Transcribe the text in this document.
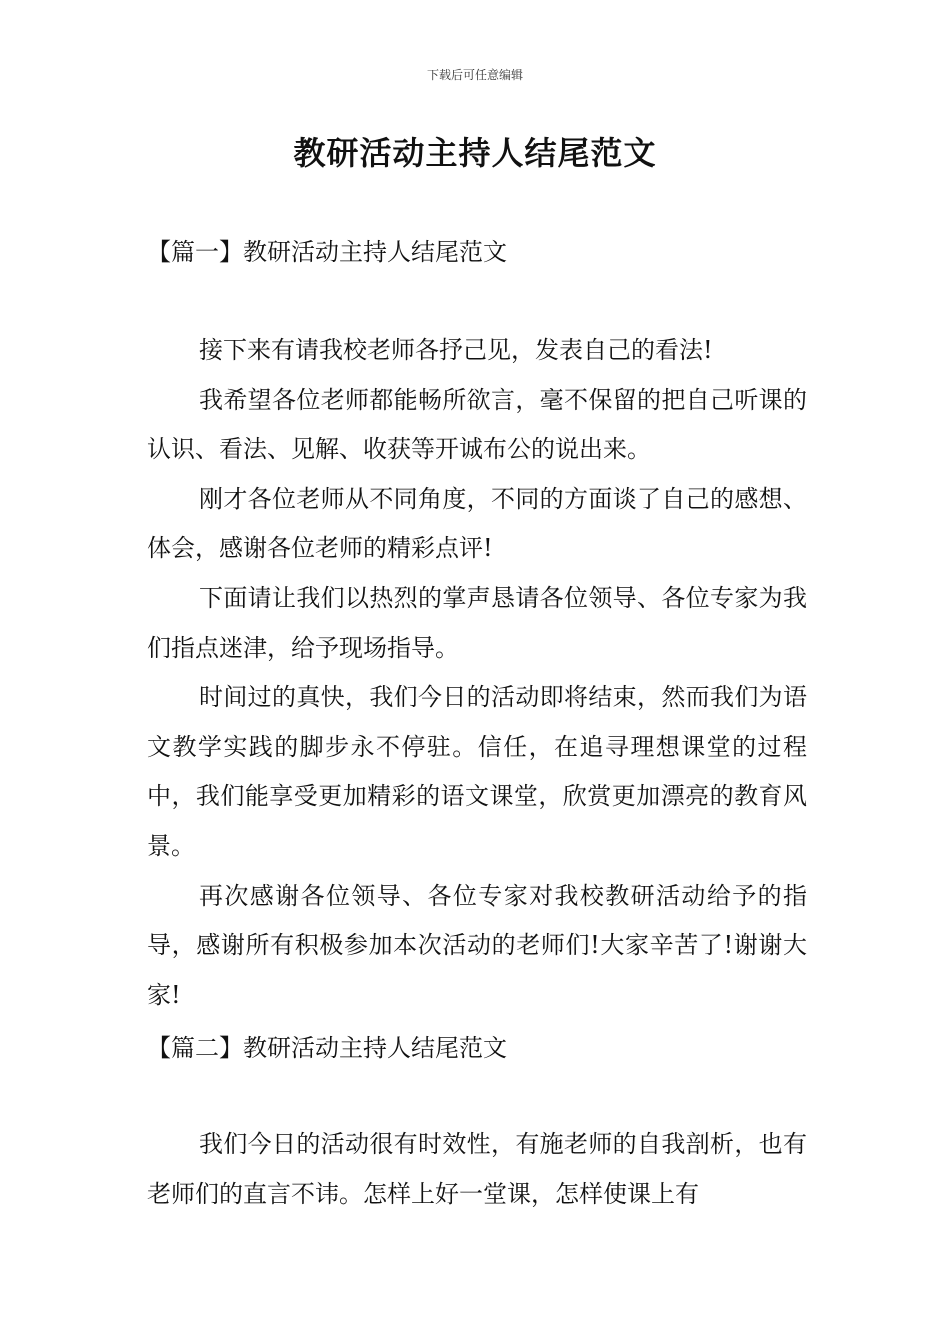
下载后可任意编辑
教研活动主持人结尾范文
【篇一】教研活动主持人结尾范文

接下来有请我校老师各抒己见，发表自己的看法!

我希望各位老师都能畅所欲言，毫不保留的把自己听课的认识、看法、见解、收获等开诚布公的说出来。

刚才各位老师从不同角度，不同的方面谈了自己的感想、体会，感谢各位老师的精彩点评!

下面请让我们以热烈的掌声恳请各位领导、各位专家为我们指点迷津，给予现场指导。

时间过的真快，我们今日的活动即将结束，然而我们为语文教学实践的脚步永不停驻。信任，在追寻理想课堂的过程中，我们能享受更加精彩的语文课堂，欣赏更加漂亮的教育风景。

再次感谢各位领导、各位专家对我校教研活动给予的指导，感谢所有积极参加本次活动的老师们!大家辛苦了!谢谢大家!

【篇二】教研活动主持人结尾范文

我们今日的活动很有时效性，有施老师的自我剖析，也有老师们的直言不讳。怎样上好一堂课，怎样使课上有
